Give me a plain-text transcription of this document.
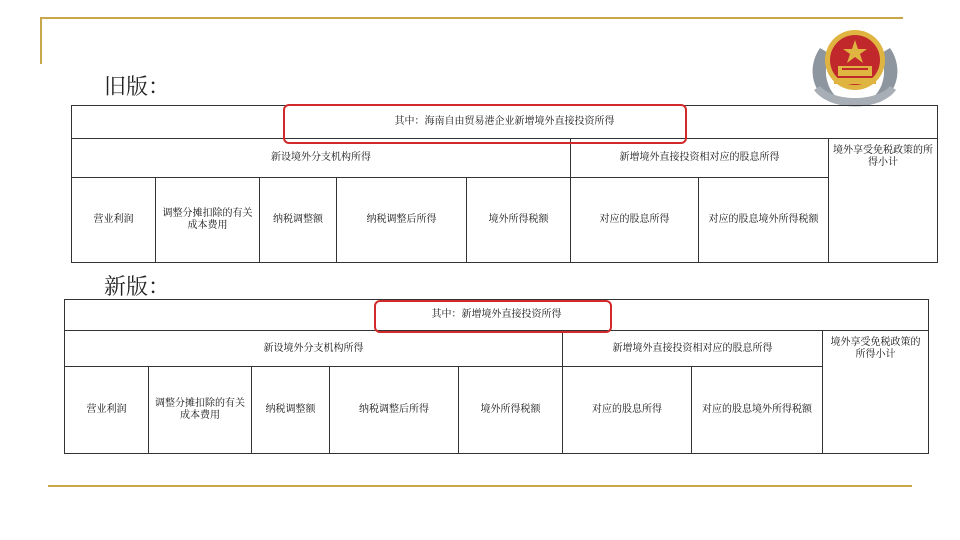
旧版：
其中：海南自由贸易港企业新增境外直接投资所得							
新设境外分支机构所得					新增境外直接投资相对应的股息所得		境外享受免税政策的所得小计
营业利润	调整分摊扣除的有关成本费用	纳税调整额	纳税调整后所得	境外所得税额	对应的股息所得	对应的股息境外所得税额	
新版：
其中：新增境外直接投资所得							
新设境外分支机构所得					新增境外直接投资相对应的股息所得		境外享受免税政策的所得小计
营业利润	调整分摊扣除的有关成本费用	纳税调整额	纳税调整后所得	境外所得税额	对应的股息所得	对应的股息境外所得税额	
